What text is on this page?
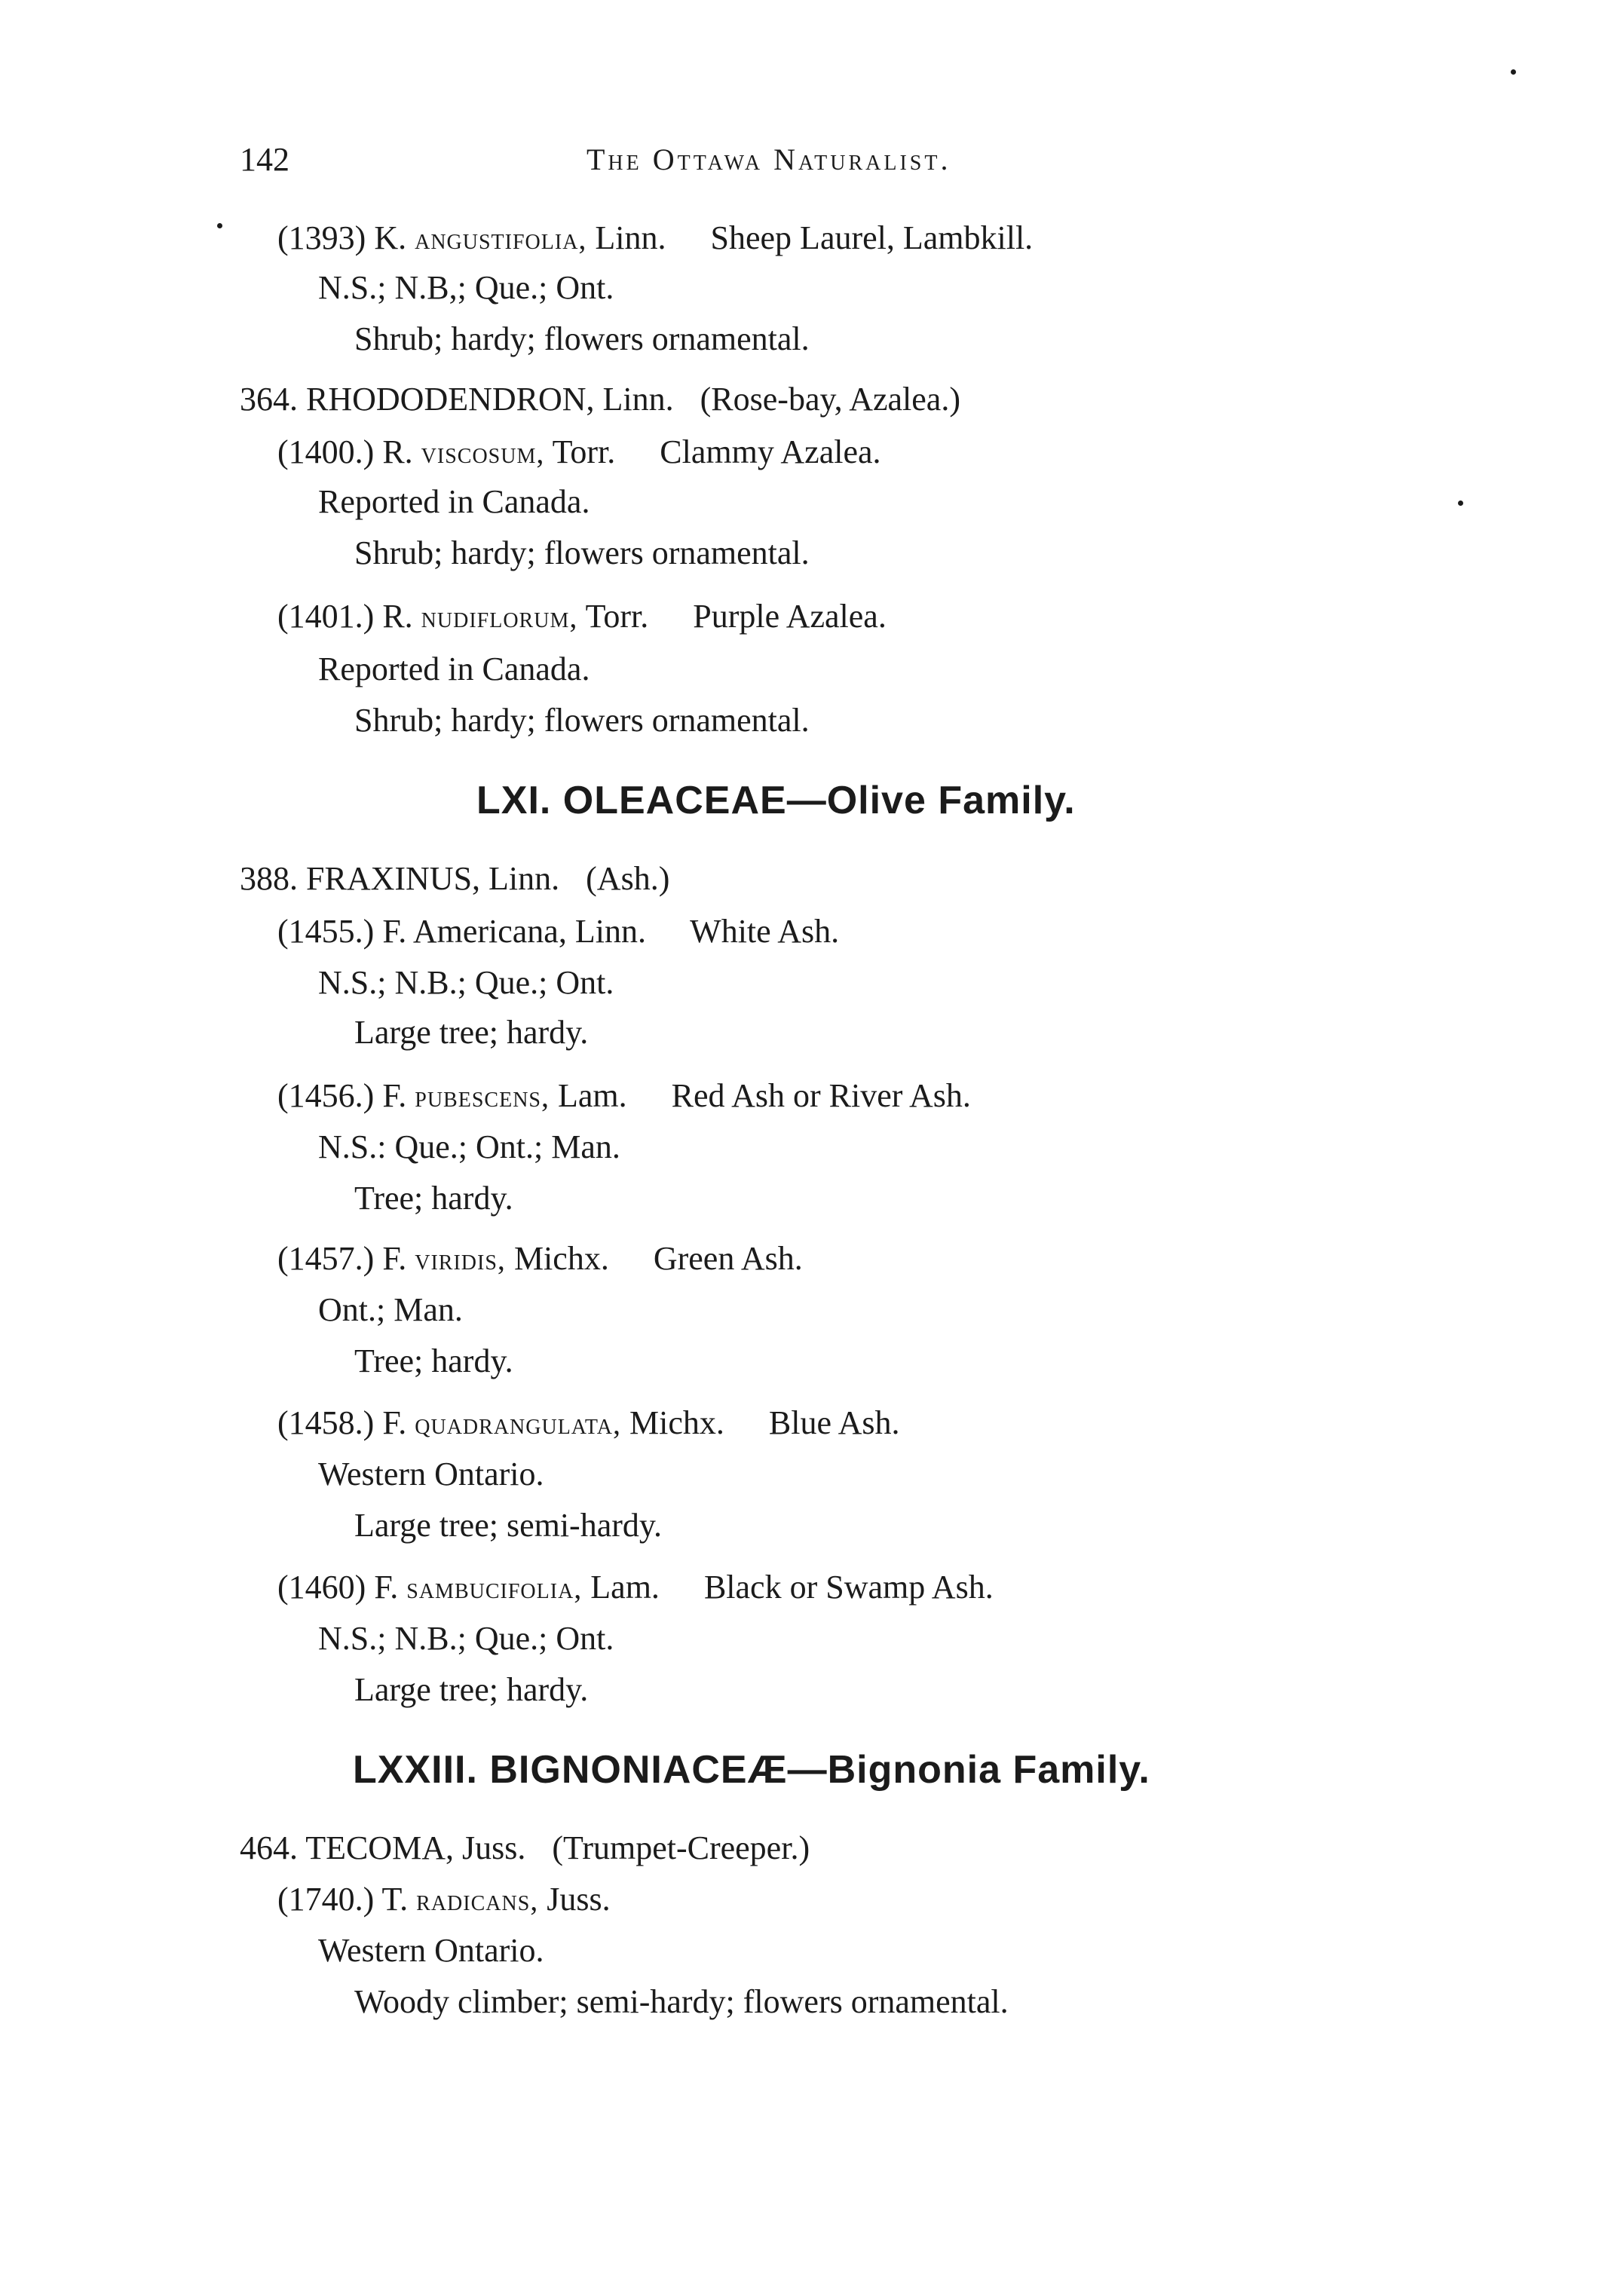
142	The Ottawa Naturalist.
(1393) K. angustifolia, Linn. Sheep Laurel, Lambkill.
N.S.; N.B,; Que.; Ont.
Shrub; hardy; flowers ornamental.
364. RHODODENDRON, Linn. (Rose-bay, Azalea.)
(1400.) R. viscosum, Torr. Clammy Azalea.
Reported in Canada.
Shrub; hardy; flowers ornamental.
(1401.) R. nudiflorum, Torr. Purple Azalea.
Reported in Canada.
Shrub; hardy; flowers ornamental.
LXI. OLEACEAE—Olive Family.
388. FRAXINUS, Linn. (Ash.)
(1455.) F. Americana, Linn. White Ash.
N.S.; N.B.; Que.; Ont.
Large tree; hardy.
(1456.) F. pubescens, Lam. Red Ash or River Ash.
N.S.: Que.; Ont.; Man.
Tree; hardy.
(1457.) F. viridis, Michx. Green Ash.
Ont.; Man.
Tree; hardy.
(1458.) F. quadrangulata, Michx. Blue Ash.
Western Ontario.
Large tree; semi-hardy.
(1460) F. sambucifolia, Lam. Black or Swamp Ash.
N.S.; N.B.; Que.; Ont.
Large tree; hardy.
LXXIII. BIGNONIACEÆ—Bignonia Family.
464. TECOMA, Juss. (Trumpet-Creeper.)
(1740.) T. radicans, Juss.
Western Ontario.
Woody climber; semi-hardy; flowers ornamental.
